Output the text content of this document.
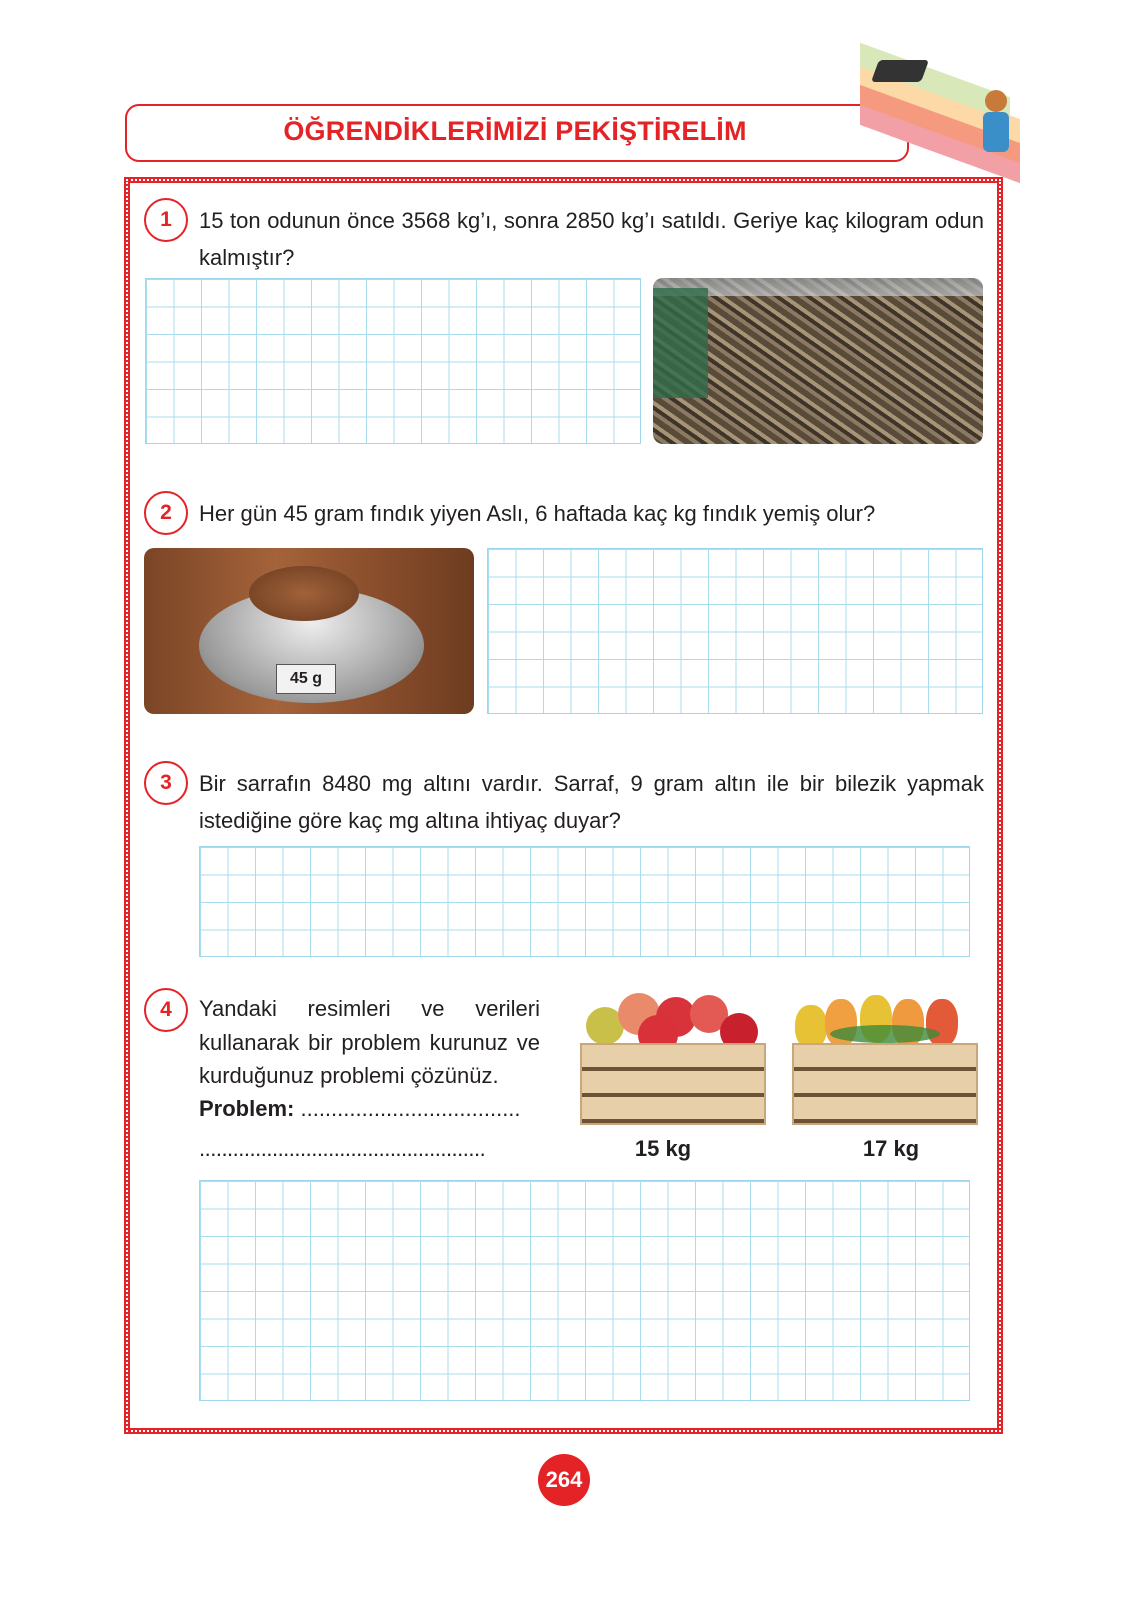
ÖĞRENDİKLERİMİZİ PEKİŞTİRELİM
1	15 ton odunun önce 3568 kg’ı, sonra 2850 kg’ı satıldı. Geriye kaç kilogram odun kalmıştır?
2	Her gün 45 gram fındık yiyen Aslı, 6 haftada kaç kg fındık yemiş olur?
45 g
3	Bir sarrafın 8480 mg altını vardır. Sarraf, 9 gram altın ile bir bilezik yapmak istediğine göre kaç mg altına ihtiyaç duyar?
4	Yandaki resimleri ve verileri kullanarak bir problem kurunuz ve kurduğunuz problemi çözünüz.
Problem: ....................................
...................................................	15 kg	17 kg
264
